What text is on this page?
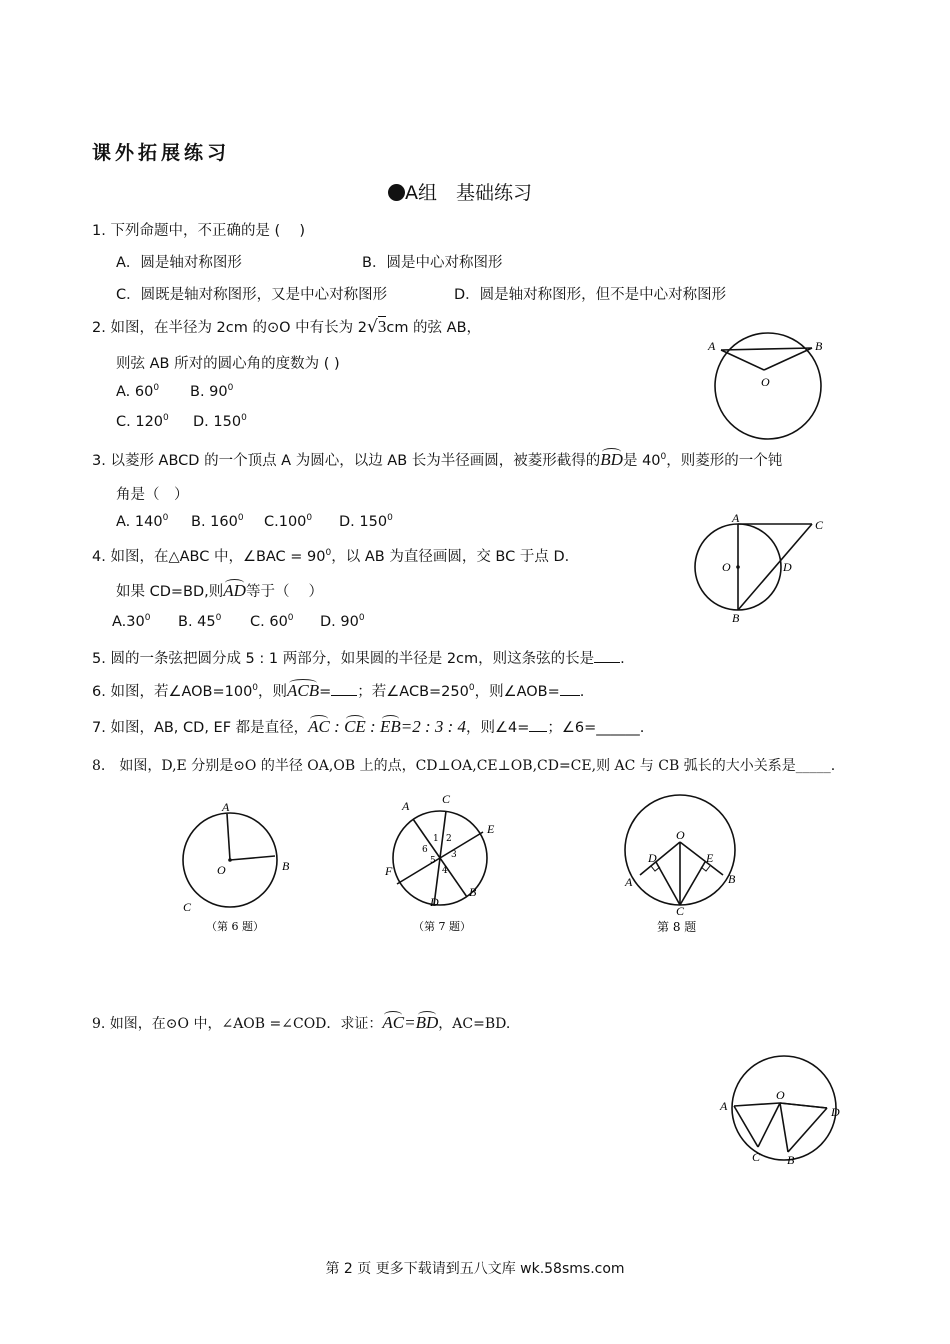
课外拓展练习
A组　基础练习
1. 下列命题中，不正确的是 (　 )
A．圆是轴对称图形	B．圆是中心对称图形
C．圆既是轴对称图形，又是中心对称图形	D．圆是轴对称图形，但不是中心对称图形
2. 如图，在半径为 2cm 的⊙O 中有长为 2√3cm 的弦 AB，
则弦 AB 所对的圆心角的度数为 ( )
A. $60^0$ B. $90^0$
C. $120^0$ D. $150^0$
A	B
O
3. 以菱形 ABCD 的一个顶点 A 为圆心，以边 AB 长为半径画圆，被菱形截得的BD是 $40^0$，则菱形的一个钝
角是（　）
A. $140^0$ B. $160^0$ C.100$^0$ D. $150^0$
4. 如图，在△ABC 中，∠BAC = $90^0$，以 AB 为直径画圆，交 BC 于点 D．
如果 CD=BD,则AD等于（　 ）
$A.30^0$ B. $45^0$ C. $60^0$ D. $90^0$
A	C
O	D
B
5. 圆的一条弦把圆分成 5 : 1 两部分，如果圆的半径是 2cm，则这条弦的长是 .
6. 如图，若$\angle AOB=100^0$，则ACB= ；若$\angle ACB=250^0$，则∠AOB= .
7. 如图，AB, CD, EF 都是直径，AC : CE : EB=2 : 3 : 4，则∠4= ；∠6=______.
8.　如图，D,E 分别是⊙O 的半径 OA,OB 上的点，CD⊥OA,CE⊥OB,CD=CE,则 AC 与 CB 弧长的大小关系是_____.
A
B
O
C
（第 6 题）
A	C
E
F
D
B
1 2
3
4
5
6
（第 7 题）
O
D	E
A	B
C
第 8 题
9. 如图，在⊙O 中，∠AOB =∠COD．求证：AC=BD，AC=BD.
A
O
D
C B
第 2 页 更多下载请到五八文库 wk.58sms.com
